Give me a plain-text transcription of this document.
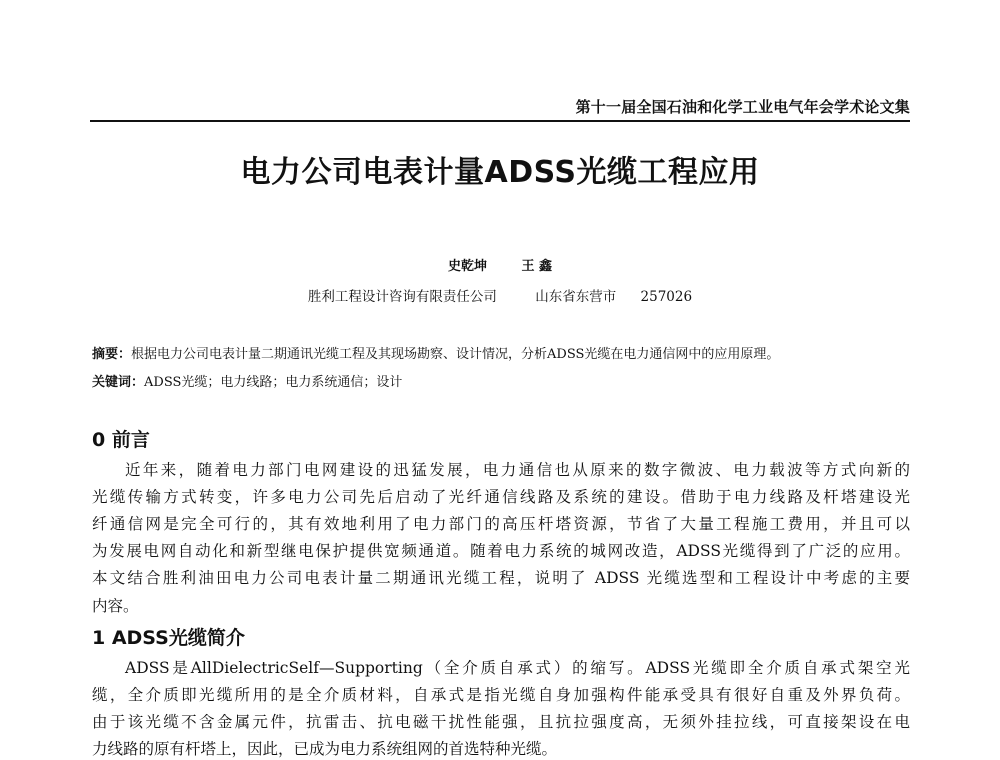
第十一届全国石油和化学工业电气年会学术论文集
电力公司电表计量ADSS光缆工程应用
史乾坤	王 鑫
胜利工程设计咨询有限责任公司	山东省东营市 257026
摘要：根据电力公司电表计量二期通讯光缆工程及其现场勘察、设计情况，分析ADSS光缆在电力通信网中的应用原理。
关键词：ADSS光缆；电力线路；电力系统通信；设计
0 前言
近年来，随着电力部门电网建设的迅猛发展，电力通信也从原来的数字微波、电力载波等方式向新的
光缆传输方式转变，许多电力公司先后启动了光纤通信线路及系统的建设。借助于电力线路及杆塔建设光
纤通信网是完全可行的，其有效地利用了电力部门的高压杆塔资源，节省了大量工程施工费用，并且可以
为发展电网自动化和新型继电保护提供宽频通道。随着电力系统的城网改造，ADSS光缆得到了广泛的应用。
本文结合胜利油田电力公司电表计量二期通讯光缆工程，说明了 ADSS 光缆选型和工程设计中考虑的主要
内容。
1 ADSS光缆简介
ADSS是AllDielectricSelf—Supporting（全介质自承式）的缩写。ADSS光缆即全介质自承式架空光
缆，全介质即光缆所用的是全介质材料，自承式是指光缆自身加强构件能承受具有很好自重及外界负荷。
由于该光缆不含金属元件，抗雷击、抗电磁干扰性能强，且抗拉强度高，无须外挂拉线，可直接架设在电
力线路的原有杆塔上，因此，已成为电力系统组网的首选特种光缆。
